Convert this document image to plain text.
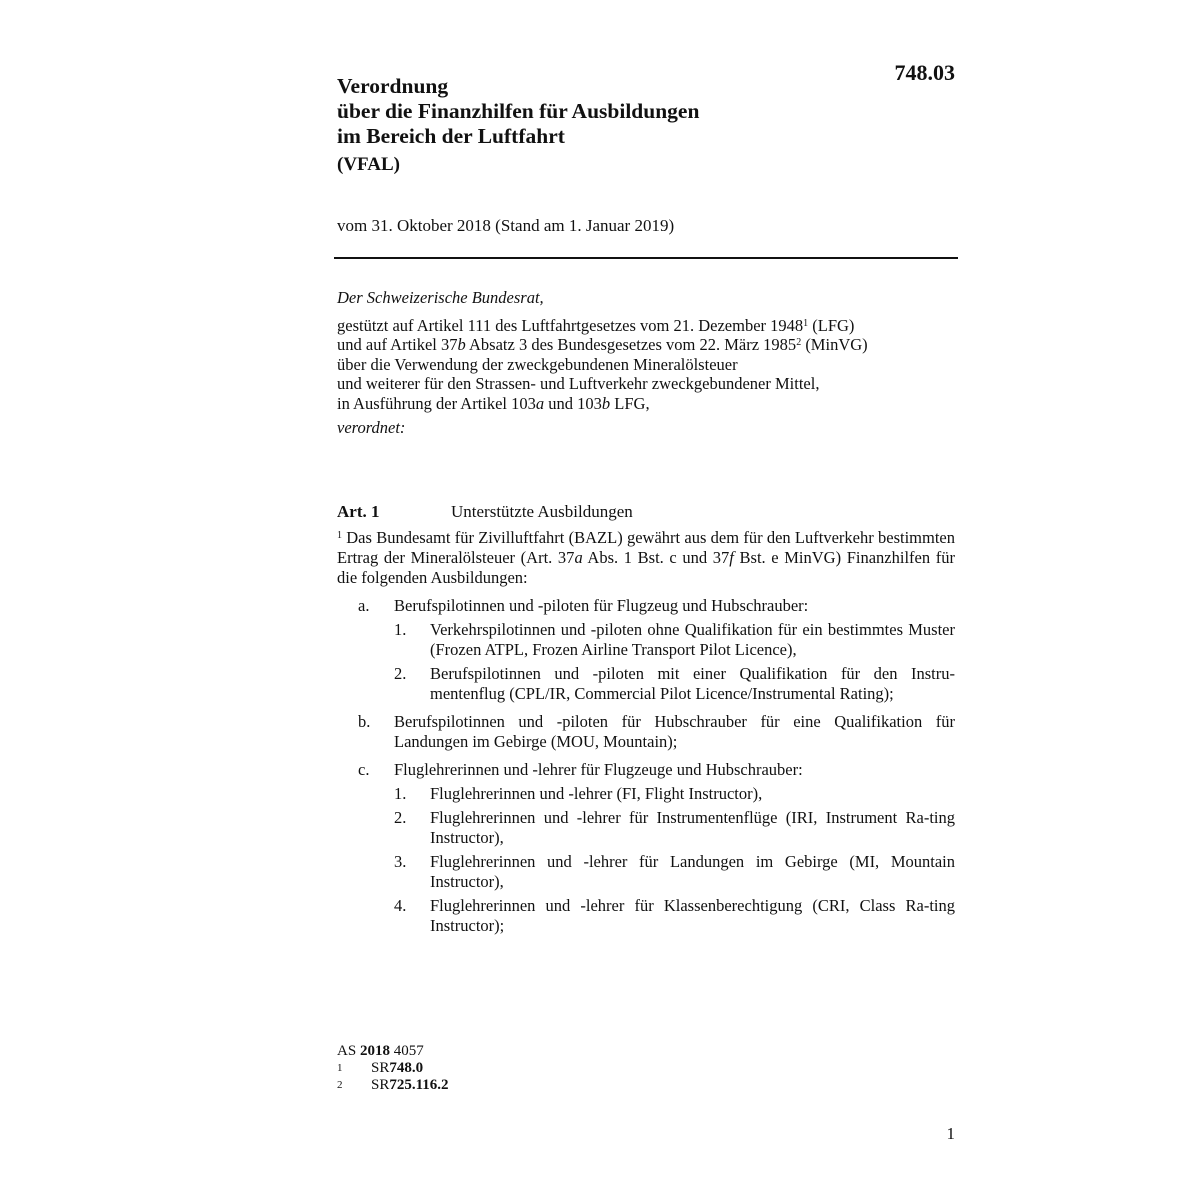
748.03
Verordnung
über die Finanzhilfen für Ausbildungen
im Bereich der Luftfahrt
(VFAL)
vom 31. Oktober 2018 (Stand am 1. Januar 2019)
Der Schweizerische Bundesrat,
gestützt auf Artikel 111 des Luftfahrtgesetzes vom 21. Dezember 1948$^1$ (LFG)
und auf Artikel 37b Absatz 3 des Bundesgesetzes vom 22. März 1985$^2$ (MinVG)
über die Verwendung der zweckgebundenen Mineralölsteuer
und weiterer für den Strassen- und Luftverkehr zweckgebundener Mittel,
in Ausführung der Artikel 103a und 103b LFG,
verordnet:
Art. 1	Unterstützte Ausbildungen
$^1$ Das Bundesamt für Zivilluftfahrt (BAZL) gewährt aus dem für den Luftverkehr bestimmten Ertrag der Mineralölsteuer (Art. 37a Abs. 1 Bst. c und 37f Bst. e MinVG) Finanzhilfen für die folgenden Ausbildungen:
a.	Berufspilotinnen und -piloten für Flugzeug und Hubschrauber:
1.	Verkehrspilotinnen und -piloten ohne Qualifikation für ein bestimmtes Muster (Frozen ATPL, Frozen Airline Transport Pilot Licence),
2.	Berufspilotinnen und -piloten mit einer Qualifikation für den Instru-mentenflug (CPL/IR, Commercial Pilot Licence/Instrumental Rating);
b.	Berufspilotinnen und -piloten für Hubschrauber für eine Qualifikation für Landungen im Gebirge (MOU, Mountain);
c.	Fluglehrerinnen und -lehrer für Flugzeuge und Hubschrauber:
1.	Fluglehrerinnen und -lehrer (FI, Flight Instructor),
2.	Fluglehrerinnen und -lehrer für Instrumentenflüge (IRI, Instrument Ra-ting Instructor),
3.	Fluglehrerinnen und -lehrer für Landungen im Gebirge (MI, Mountain Instructor),
4.	Fluglehrerinnen und -lehrer für Klassenberechtigung (CRI, Class Ra-ting Instructor);
AS 2018 4057
1	SR 748.0
2	SR 725.116.2
1
